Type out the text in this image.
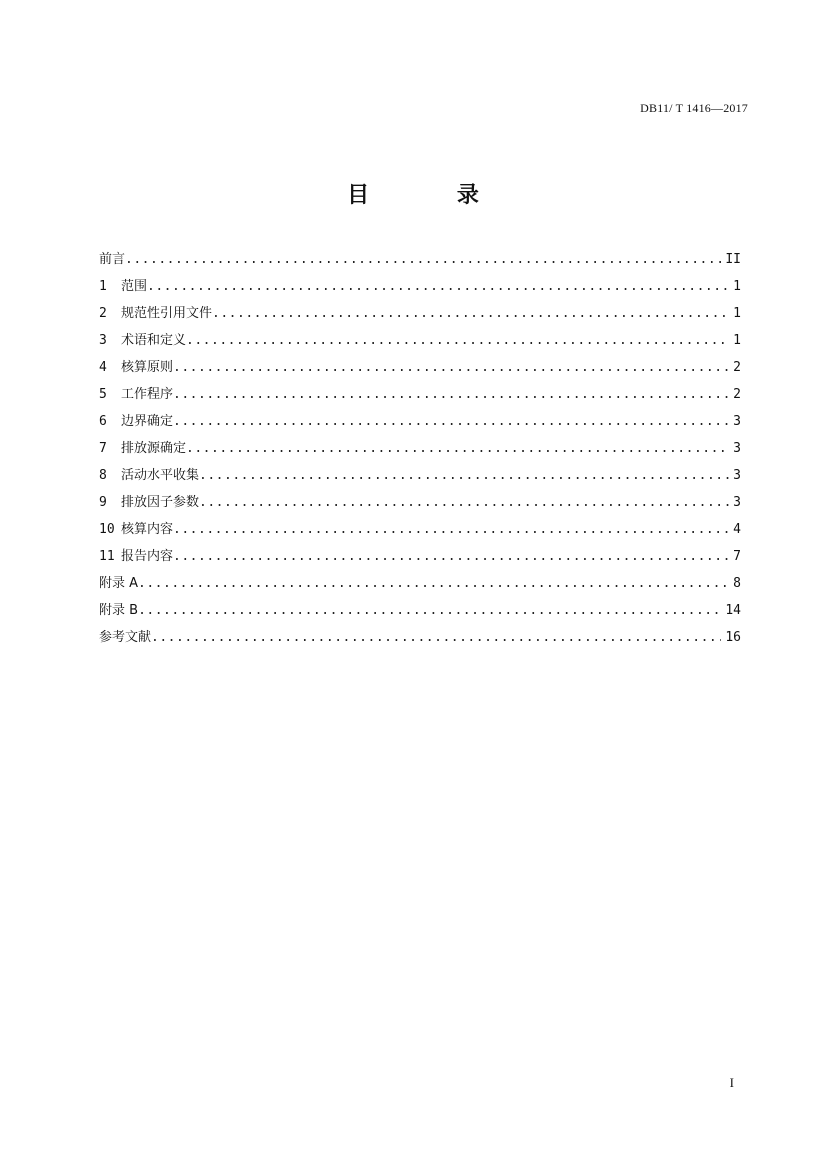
DB11/ T 1416—2017
目 录
前言 .....	II
1	范围 .....	1
2	规范性引用文件 .....	1
3	术语和定义 .....	1
4	核算原则 .....	2
5	工作程序 .....	2
6	边界确定 .....	3
7	排放源确定 .....	3
8	活动水平收集 .....	3
9	排放因子参数 .....	3
10 核算内容 .....	4
11 报告内容 .....	7
附录 A .....	8
附录 B .....	14
参考文献 .....	16
I
